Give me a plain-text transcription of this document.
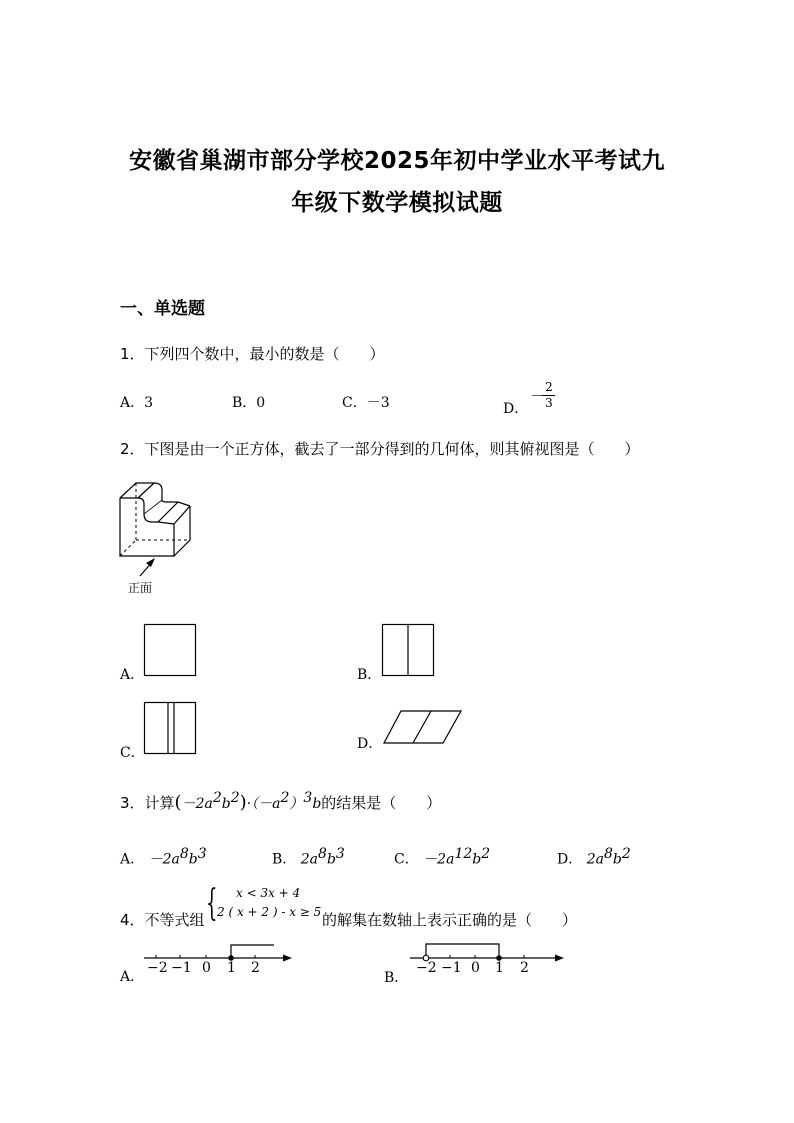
安徽省巢湖市部分学校2025年初中学业水平考试九
年级下数学模拟试题
一、单选题
1．下列四个数中，最小的数是（　　）
A．3	B．0	C．－3	D．
－
2
3
2．下图是由一个正方体，截去了一部分得到的几何体，则其俯视图是（　　）
正面
A．	B．
C．
D．
3．计算$(-2a^2b^2)\cdot(-a^2)^3b$的结果是（　　）
A． $-2a^8b^3$	B． $2a^8b^3$	C． $-2a^{12}b^2$	D． $2a^8b^2$
4．不等式组 { x < 3x + 4
2 ( x + 2 ) - x ≥ 5 的解集在数轴上表示正确的是（　　）
A．
−2 −1 0 1 2
B．
−2 −1 0 1 2
